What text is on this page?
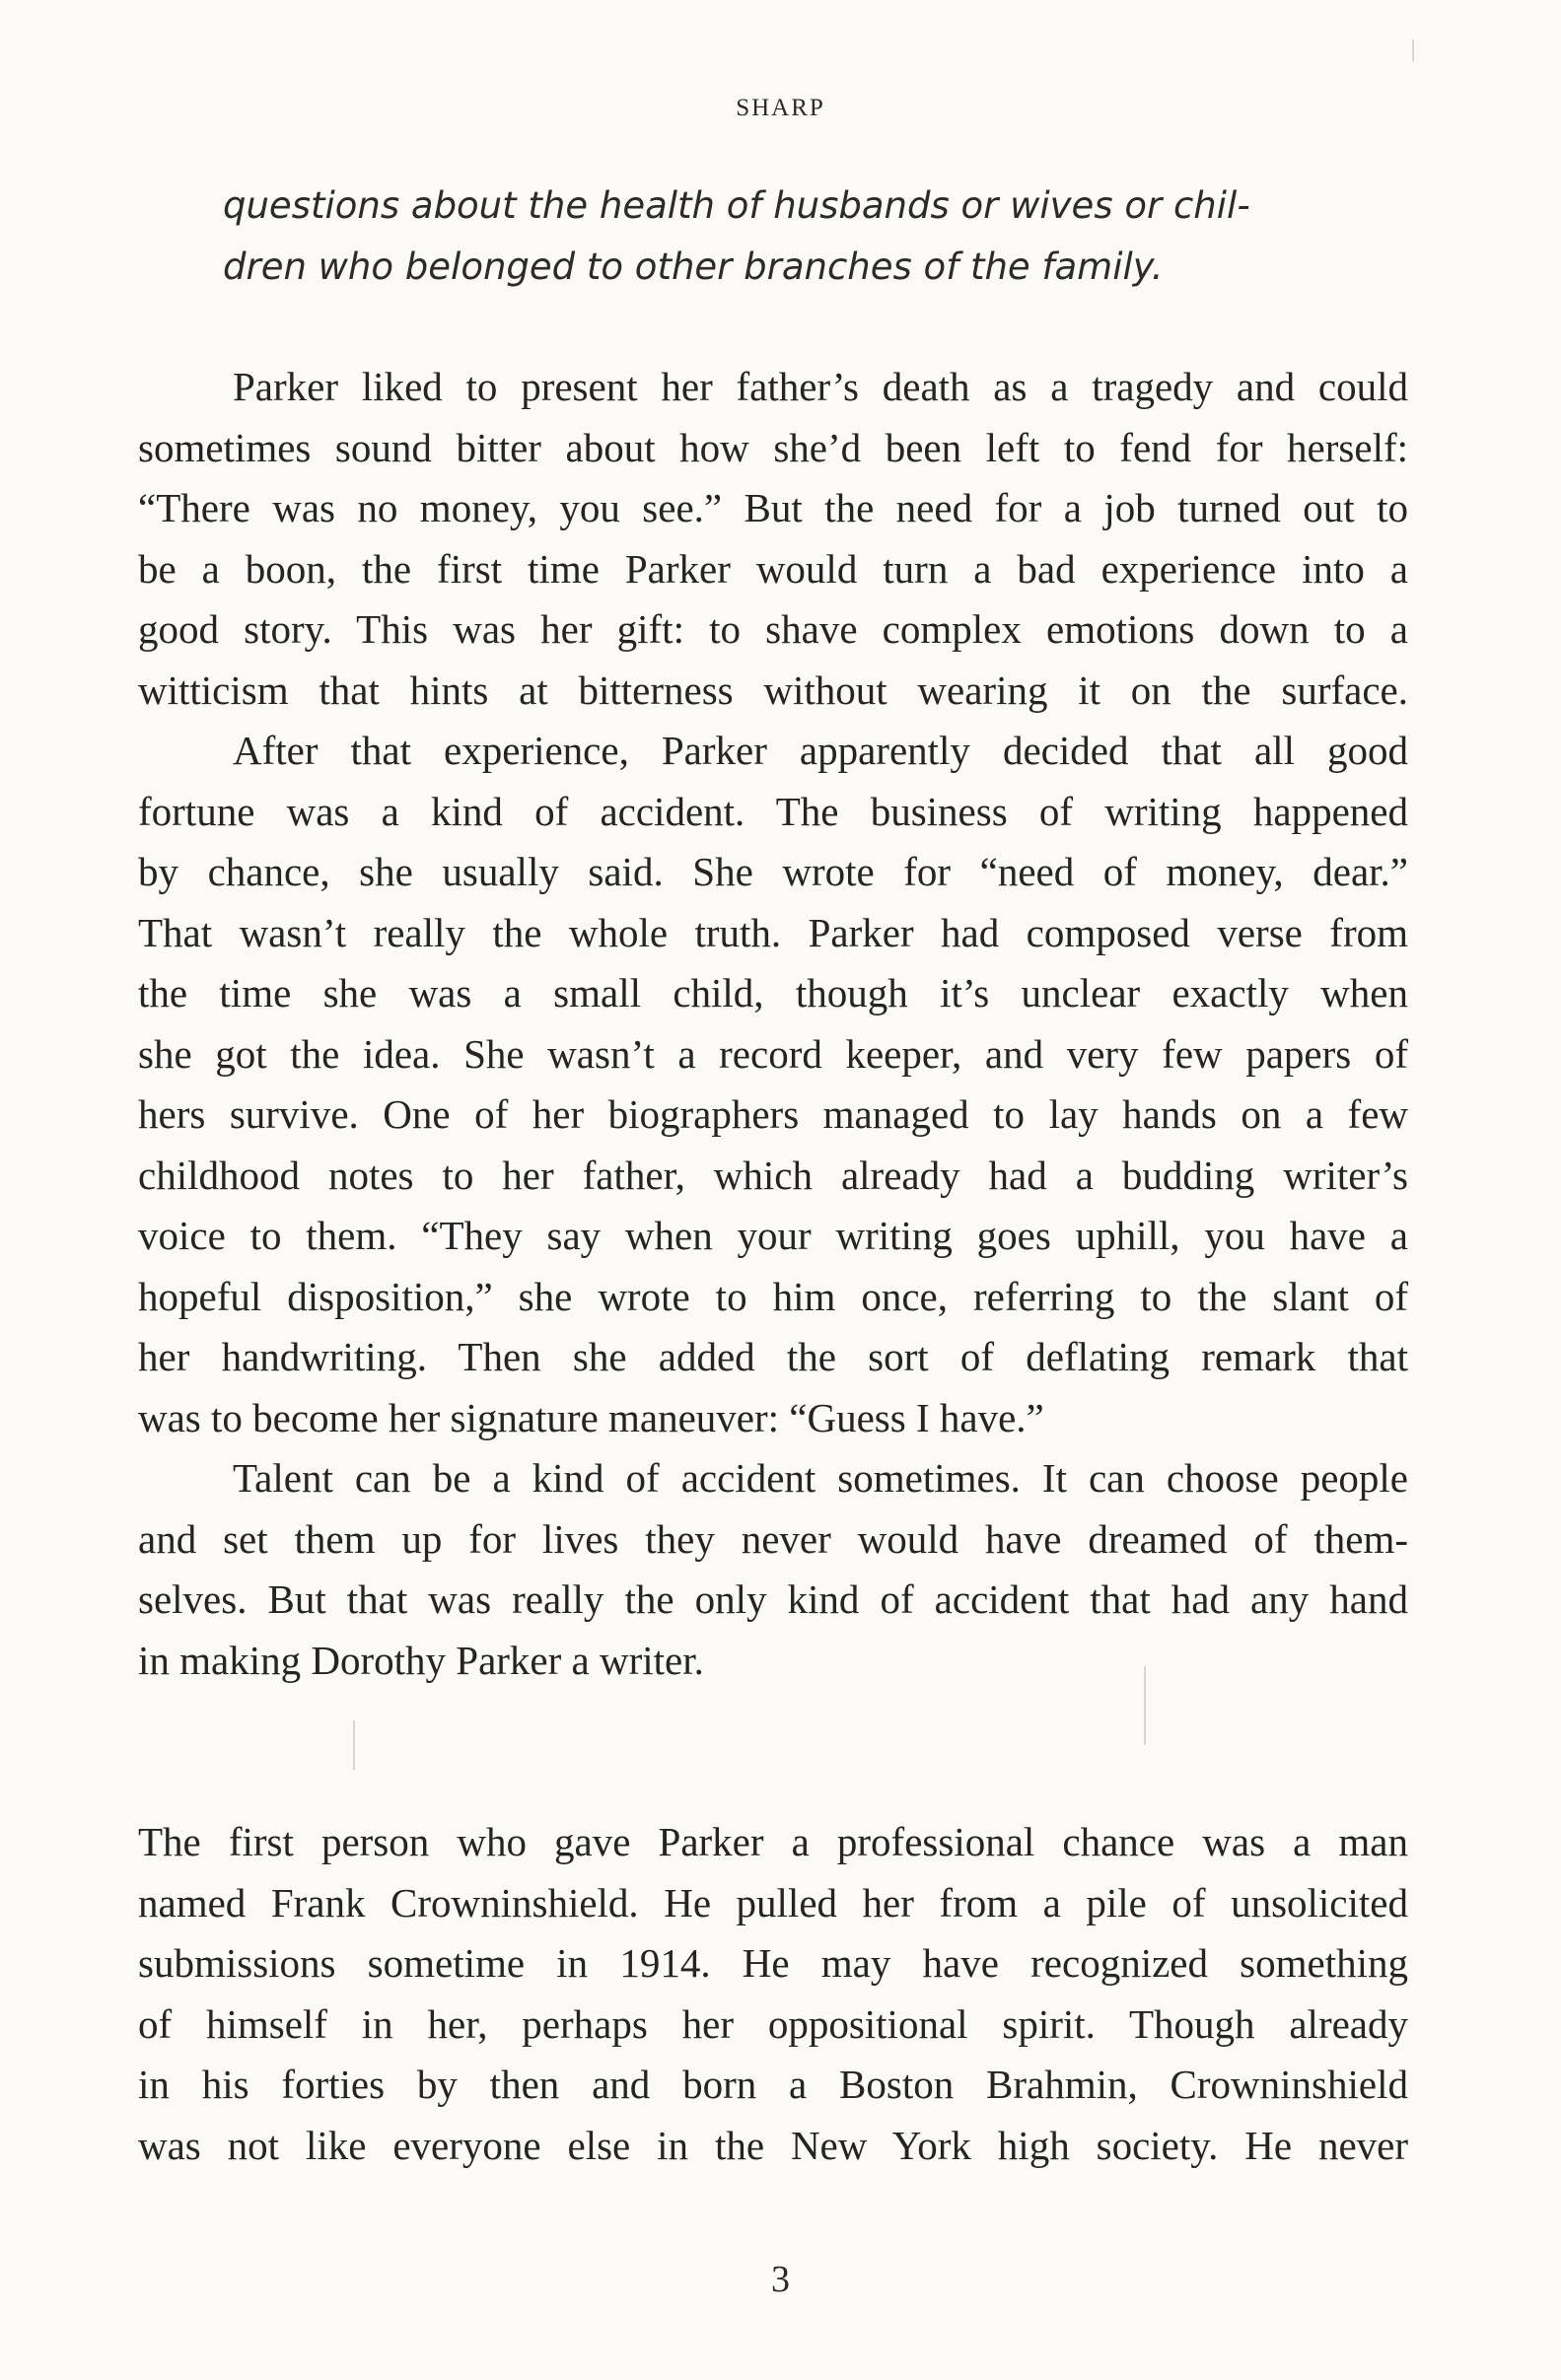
SHARP
questions about the health of husbands or wives or chil-
dren who belonged to other branches of the family.
Parker liked to present her father’s death as a tragedy and could
sometimes sound bitter about how she’d been left to fend for herself:
“There was no money, you see.” But the need for a job turned out to
be a boon, the first time Parker would turn a bad experience into a
good story. This was her gift: to shave complex emotions down to a
witticism that hints at bitterness without wearing it on the surface.
After that experience, Parker apparently decided that all good
fortune was a kind of accident. The business of writing happened
by chance, she usually said. She wrote for “need of money, dear.”
That wasn’t really the whole truth. Parker had composed verse from
the time she was a small child, though it’s unclear exactly when
she got the idea. She wasn’t a record keeper, and very few papers of
hers survive. One of her biographers managed to lay hands on a few
childhood notes to her father, which already had a budding writer’s
voice to them. “They say when your writing goes uphill, you have a
hopeful disposition,” she wrote to him once, referring to the slant of
her handwriting. Then she added the sort of deflating remark that
was to become her signature maneuver: “Guess I have.”
Talent can be a kind of accident sometimes. It can choose people
and set them up for lives they never would have dreamed of them-
selves. But that was really the only kind of accident that had any hand
in making Dorothy Parker a writer.
The first person who gave Parker a professional chance was a man
named Frank Crowninshield. He pulled her from a pile of unsolicited
submissions sometime in 1914. He may have recognized something
of himself in her, perhaps her oppositional spirit. Though already
in his forties by then and born a Boston Brahmin, Crowninshield
was not like everyone else in the New York high society. He never
3
